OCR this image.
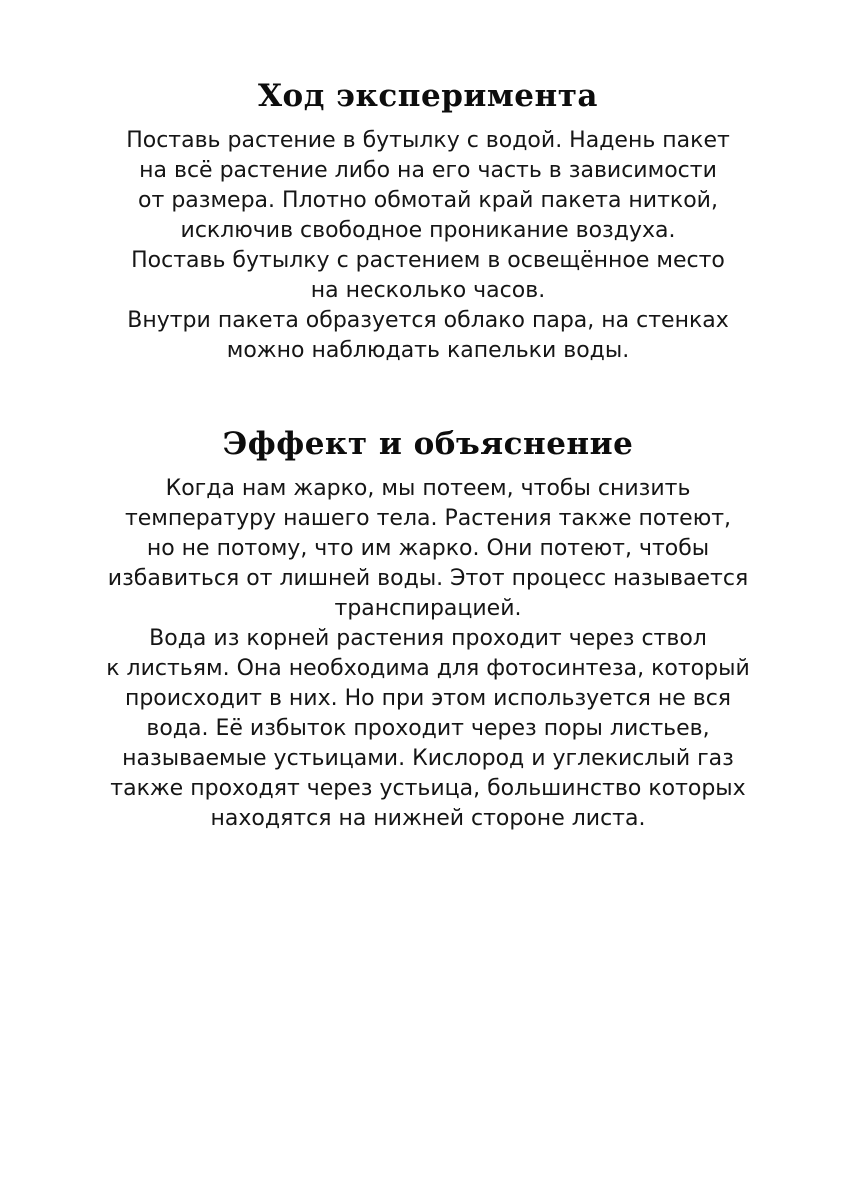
Ход эксперимента
Поставь растение в бутылку с водой. Надень пакет
на всё растение либо на его часть в зависимости
от размера. Плотно обмотай край пакета ниткой,
исключив свободное проникание воздуха.
Поставь бутылку с растением в освещённое место
на несколько часов.
Внутри пакета образуется облако пара, на стенках
можно наблюдать капельки воды.
Эффект и объяснение
Когда нам жарко, мы потеем, чтобы снизить
температуру нашего тела. Растения также потеют,
но не потому, что им жарко. Они потеют, чтобы
избавиться от лишней воды. Этот процесс называется
транспирацией.
Вода из корней растения проходит через ствол
к листьям. Она необходима для фотосинтеза, который
происходит в них. Но при этом используется не вся
вода. Её избыток проходит через поры листьев,
называемые устьицами. Кислород и углекислый газ
также проходят через устьица, большинство которых
находятся на нижней стороне листа.
